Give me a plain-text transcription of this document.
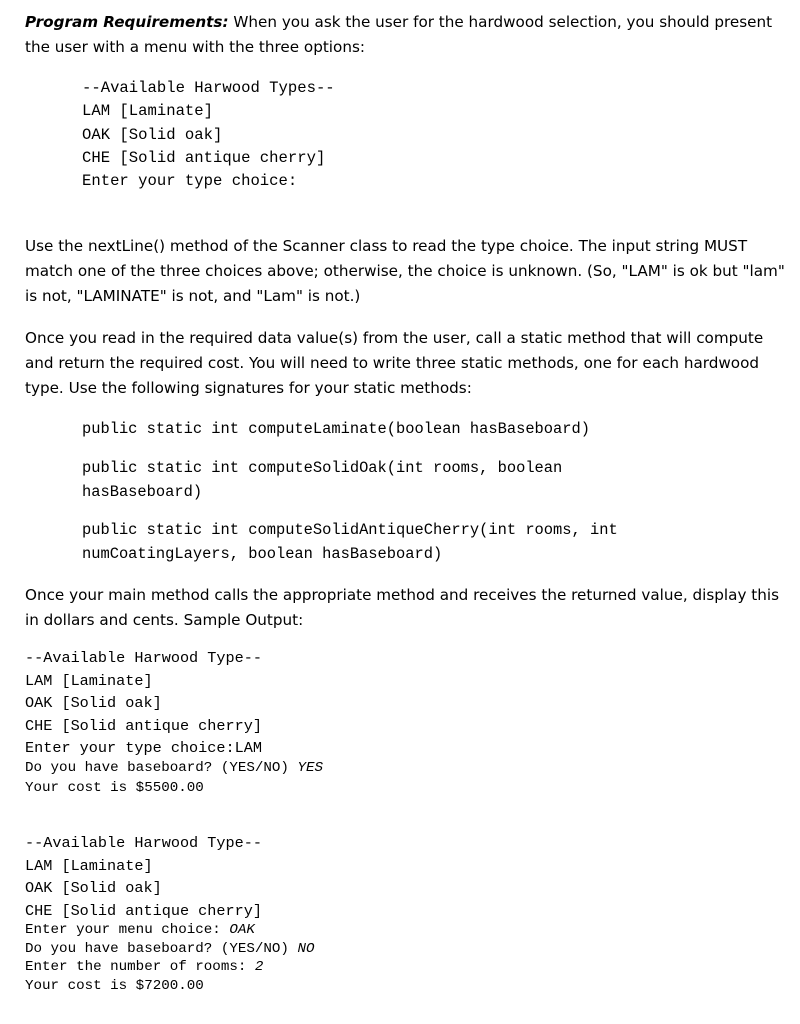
Program Requirements: When you ask the user for the hardwood selection, you should present the user with a menu with the three options:

--Available Harwood Types--
LAM [Laminate]
OAK [Solid oak]
CHE [Solid antique cherry]
Enter your type choice:

Use the nextLine() method of the Scanner class to read the type choice. The input string MUST match one of the three choices above; otherwise, the choice is unknown. (So, "LAM" is ok but "lam" is not, "LAMINATE" is not, and "Lam" is not.)

Once you read in the required data value(s) from the user, call a static method that will compute and return the required cost. You will need to write three static methods, one for each hardwood type. Use the following signatures for your static methods:

public static int computeLaminate(boolean hasBaseboard)
public static int computeSolidOak(int rooms, boolean
hasBaseboard)
public static int computeSolidAntiqueCherry(int rooms, int
numCoatingLayers, boolean hasBaseboard)

Once your main method calls the appropriate method and receives the returned value, display this in dollars and cents. Sample Output:

--Available Harwood Type--
LAM [Laminate]
OAK [Solid oak]
CHE [Solid antique cherry]
Enter your type choice:LAM
Do you have baseboard? (YES/NO) YES
Your cost is $5500.00
--Available Harwood Type--
LAM [Laminate]
OAK [Solid oak]
CHE [Solid antique cherry]
Enter your menu choice: OAK
Do you have baseboard? (YES/NO) NO
Enter the number of rooms: 2
Your cost is $7200.00
